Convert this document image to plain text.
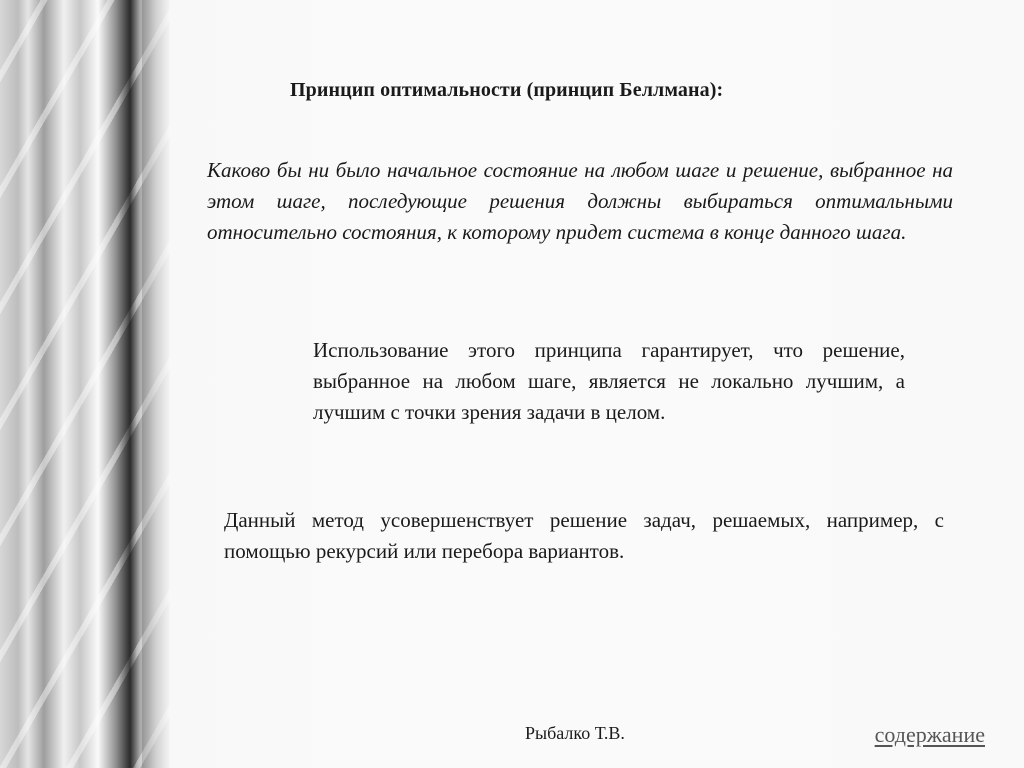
Принцип оптимальности (принцип Беллмана):
Каково бы ни было начальное состояние на любом шаге и решение, выбранное на этом шаге, последующие решения должны выбираться оптимальными относительно состояния, к которому придет система в конце данного шага.
Использование этого принципа гарантирует, что решение, выбранное на любом шаге, является не локально лучшим, а лучшим с точки зрения задачи в целом.
Данный метод усовершенствует решение задач, решаемых, например, с помощью рекурсий или перебора вариантов.
Рыбалко Т.В.	содержание
